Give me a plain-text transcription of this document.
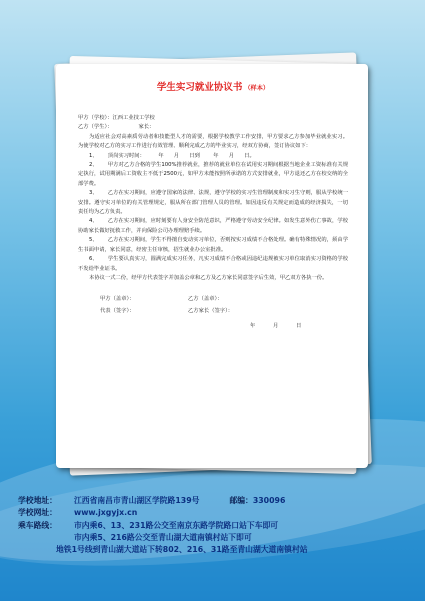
学生实习就业协议书 （样本）

甲方（学校）：江西工业技工学校

乙方（学生）：	家长：

为适应社会对高素质劳动者和技能型人才的需要，根据学校教学工作安排，甲方要求乙方参加毕业就业实习。为使学校对乙方的实习工作进行有效管理、顺利完成乙方的毕业实习，经双方协商，签订协议如下：

1、 顶岗实习时间：	年 月 日到	年 月 日。

2、 甲方对乙方合格的学生100%推荐就业，推荐的就业单位在试用实习期间根据当地企业工资标准有关规定执行，试用期满后工资收主不低于2500元，如甲方未能按照所承诺的方式安排就业，甲方退还乙方在校交纳的全部学费。

3、 乙方在实习期间，应遵守国家的法律、法规，遵守学校的实习生管理制度和实习生守则，服从学校统一安排。遵守实习单位的有关管理规定，服从所在部门管理人员的管理。如因违反有关规定而造成的经济损失，一切责任均为乙方负责。

4、 乙方在实习期间，应时刻要有人身安全防范意识，严格遵守劳动安全纪律。如发生意外伤亡事故，学校协助家长做好抚救工作，并向保险公司办理理赔手续。

5、 乙方在实习期间，学生不得擅自变动实习单位，否则按实习成绩不合格处理。确有特殊情况的，须由学生书面申请，家长同意，经密主任审核，招生就业办公室批准。

6、 学生要认真实习，圆满完成实习任务，凡实习成绩不合格或因违纪违规被实习单位取消实习资格的学校不发给毕业证书。

本协议一式二份，经甲方代表签字并加盖公章和乙方及乙方家长同意签字后生效，甲乙双方各执一份。

甲方（盖章）：	乙方（盖章）：
代表（签字）：	乙方家长（签字）：
年	月	日
学校地址：	江西省南昌市青山湖区学院路139号	邮编：330096
学校网址：	www.jxgyjx.cn
乘车路线：	市内乘6、13、231路公交至南京东路学院路口站下车即可
市内乘5、216路公交至青山湖大道南镇村站下即可
地铁1号线到青山湖大道站下转802、216、31路至青山湖大道南镇村站
